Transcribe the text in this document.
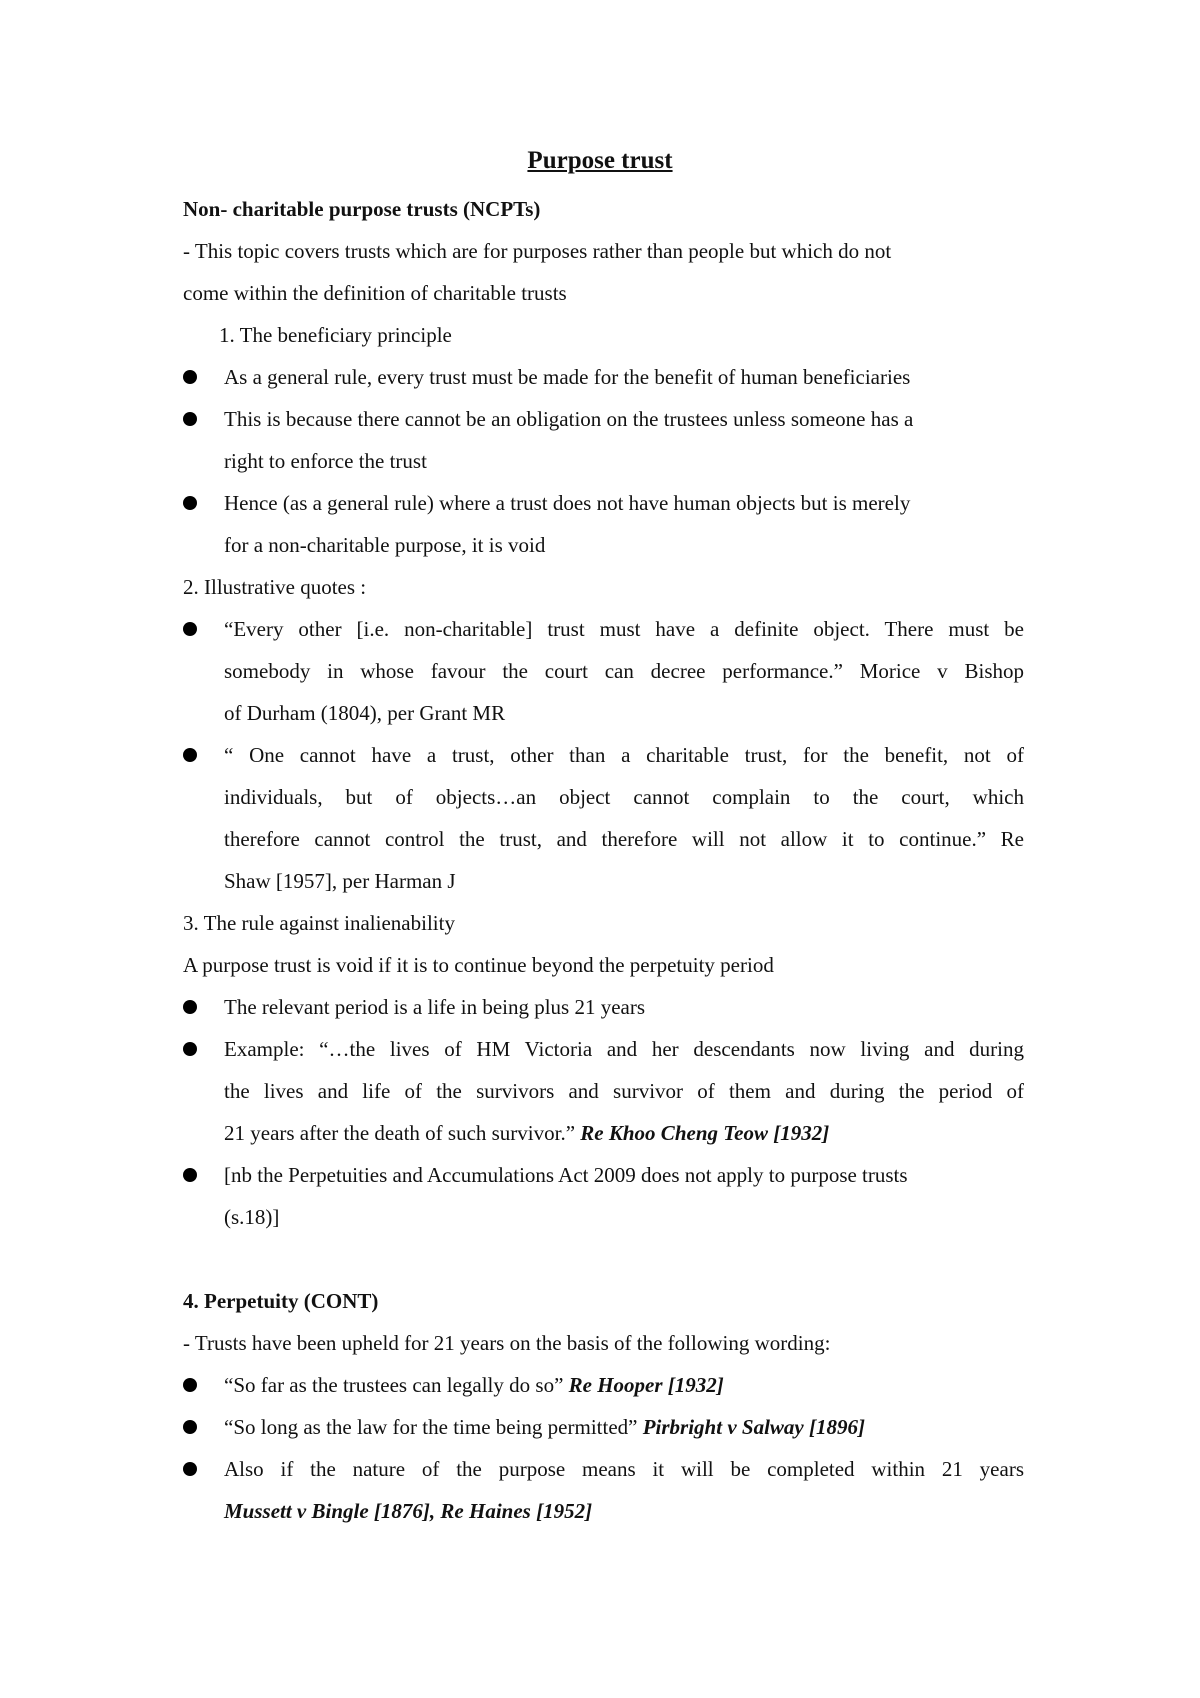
Purpose trust
Non- charitable purpose trusts (NCPTs)
- This topic covers trusts which are for purposes rather than people but which do not
come within the definition of charitable trusts
1. The beneficiary principle
As a general rule, every trust must be made for the benefit of human beneficiaries
This is because there cannot be an obligation on the trustees unless someone has a
right to enforce the trust
Hence (as a general rule) where a trust does not have human objects but is merely
for a non-charitable purpose, it is void
2. Illustrative quotes :
“Every other [i.e. non-charitable] trust must have a definite object. There must be
somebody in whose favour the court can decree performance.” Morice v Bishop
of Durham (1804), per Grant MR
“ One cannot have a trust, other than a charitable trust, for the benefit, not of
individuals, but of objects…an object cannot complain to the court, which
therefore cannot control the trust, and therefore will not allow it to continue.” Re
Shaw [1957], per Harman J
3. The rule against inalienability
A purpose trust is void if it is to continue beyond the perpetuity period
The relevant period is a life in being plus 21 years
Example: “…the lives of HM Victoria and her descendants now living and during
the lives and life of the survivors and survivor of them and during the period of
21 years after the death of such survivor.” Re Khoo Cheng Teow [1932]
[nb the Perpetuities and Accumulations Act 2009 does not apply to purpose trusts
(s.18)]
4. Perpetuity (CONT)
- Trusts have been upheld for 21 years on the basis of the following wording:
“So far as the trustees can legally do so” Re Hooper [1932]
“So long as the law for the time being permitted” Pirbright v Salway [1896]
Also if the nature of the purpose means it will be completed within 21 years
Mussett v Bingle [1876], Re Haines [1952]
